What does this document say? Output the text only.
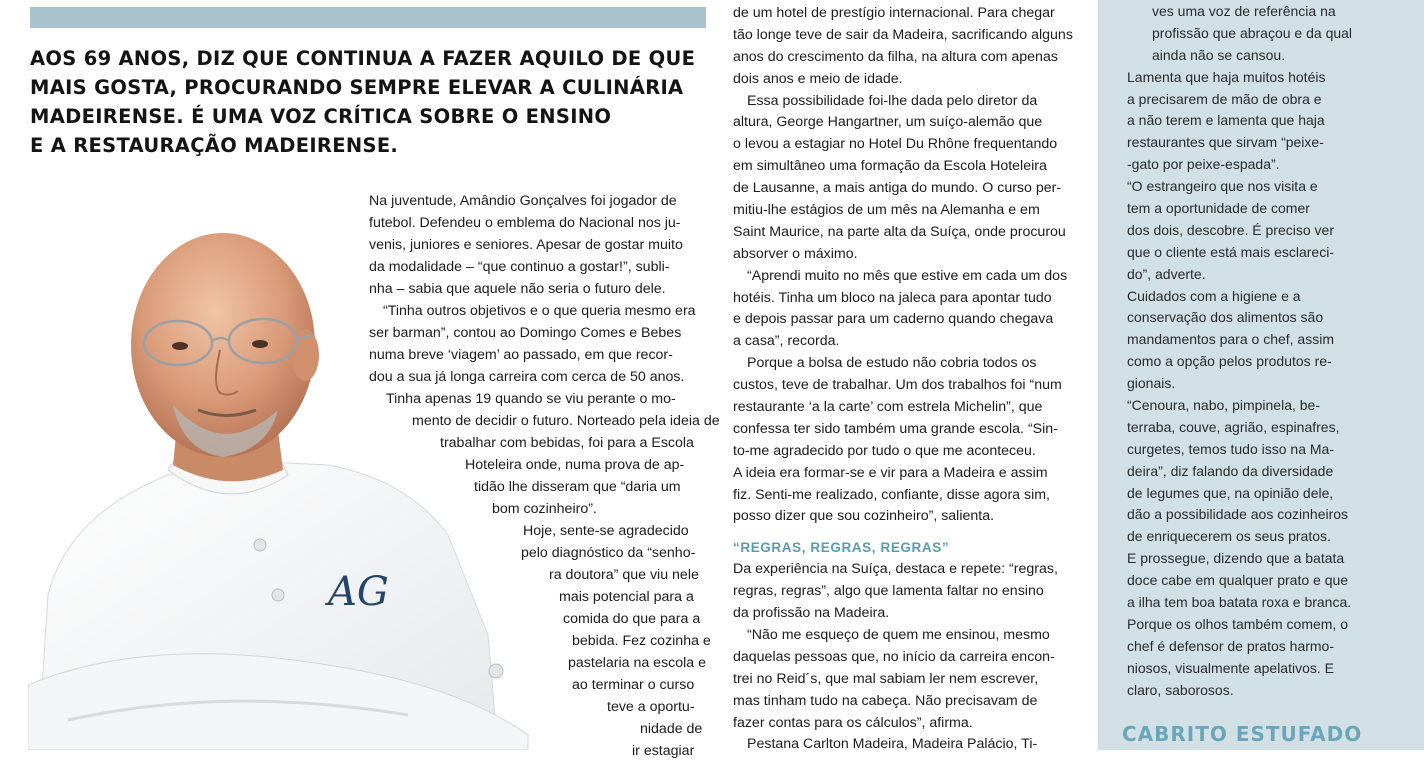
AOS 69 ANOS, DIZ QUE CONTINUA A FAZER AQUILO DE QUE
MAIS GOSTA, PROCURANDO SEMPRE ELEVAR A CULINÁRIA
MADEIRENSE. É UMA VOZ CRÍTICA SOBRE O ENSINO
E A RESTAURAÇÃO MADEIRENSE.
AG
Na juventude, Amândio Gonçalves foi jogador de
futebol. Defendeu o emblema do Nacional nos ju-
venis, juniores e seniores. Apesar de gostar muito
da modalidade – “que continuo a gostar!”, subli-
nha – sabia que aquele não seria o futuro dele.
“Tinha outros objetivos e o que queria mesmo era
ser barman”, contou ao Domingo Comes e Bebes
numa breve ‘viagem’ ao passado, em que recor-
dou a sua já longa carreira com cerca de 50 anos.
Tinha apenas 19 quando se viu perante o mo-
mento de decidir o futuro. Norteado pela ideia de
trabalhar com bebidas, foi para a Escola
Hoteleira onde, numa prova de ap-
tidão lhe disseram que “daria um
bom cozinheiro”.
Hoje, sente-se agradecido
pelo diagnóstico da “senho-
ra doutora” que viu nele
mais potencial para a
comida do que para a
bebida. Fez cozinha e
pastelaria na escola e
ao terminar o curso
teve a oportu-
nidade de
ir estagiar
de um hotel de prestígio internacional. Para chegar
tão longe teve de sair da Madeira, sacrificando alguns
anos do crescimento da filha, na altura com apenas
dois anos e meio de idade.
Essa possibilidade foi-lhe dada pelo diretor da
altura, George Hangartner, um suíço-alemão que
o levou a estagiar no Hotel Du Rhône frequentando
em simultâneo uma formação da Escola Hoteleira
de Lausanne, a mais antiga do mundo. O curso per-
mitiu-lhe estágios de um mês na Alemanha e em
Saint Maurice, na parte alta da Suíça, onde procurou
absorver o máximo.
“Aprendi muito no mês que estive em cada um dos
hotéis. Tinha um bloco na jaleca para apontar tudo
e depois passar para um caderno quando chegava
a casa”, recorda.
Porque a bolsa de estudo não cobria todos os
custos, teve de trabalhar. Um dos trabalhos foi “num
restaurante ‘a la carte’ com estrela Michelin”, que
confessa ter sido também uma grande escola. “Sin-
to-me agradecido por tudo o que me aconteceu.
A ideia era formar-se e vir para a Madeira e assim
fiz. Senti-me realizado, confiante, disse agora sim,
posso dizer que sou cozinheiro”, salienta.
“REGRAS, REGRAS, REGRAS”
Da experiência na Suíça, destaca e repete: “regras,
regras, regras”, algo que lamenta faltar no ensino
da profissão na Madeira.
“Não me esqueço de quem me ensinou, mesmo
daquelas pessoas que, no início da carreira encon-
trei no Reid´s, que mal sabiam ler nem escrever,
mas tinham tudo na cabeça. Não precisavam de
fazer contas para os cálculos”, afirma.
Pestana Carlton Madeira, Madeira Palácio, Ti-
ves uma voz de referência na
profissão que abraçou e da qual
ainda não se cansou.
Lamenta que haja muitos hotéis
a precisarem de mão de obra e
a não terem e lamenta que haja
restaurantes que sirvam “peixe-
-gato por peixe-espada”.
“O estrangeiro que nos visita e
tem a oportunidade de comer
dos dois, descobre. É preciso ver
que o cliente está mais esclareci-
do”, adverte.
Cuidados com a higiene e a
conservação dos alimentos são
mandamentos para o chef, assim
como a opção pelos produtos re-
gionais.
“Cenoura, nabo, pimpinela, be-
terraba, couve, agrião, espinafres,
curgetes, temos tudo isso na Ma-
deira”, diz falando da diversidade
de legumes que, na opinião dele,
dão a possibilidade aos cozinheiros
de enriquecerem os seus pratos.
E prossegue, dizendo que a batata
doce cabe em qualquer prato e que
a ilha tem boa batata roxa e branca.
Porque os olhos também comem, o
chef é defensor de pratos harmo-
niosos, visualmente apelativos. E
claro, saborosos.
CABRITO ESTUFADO
